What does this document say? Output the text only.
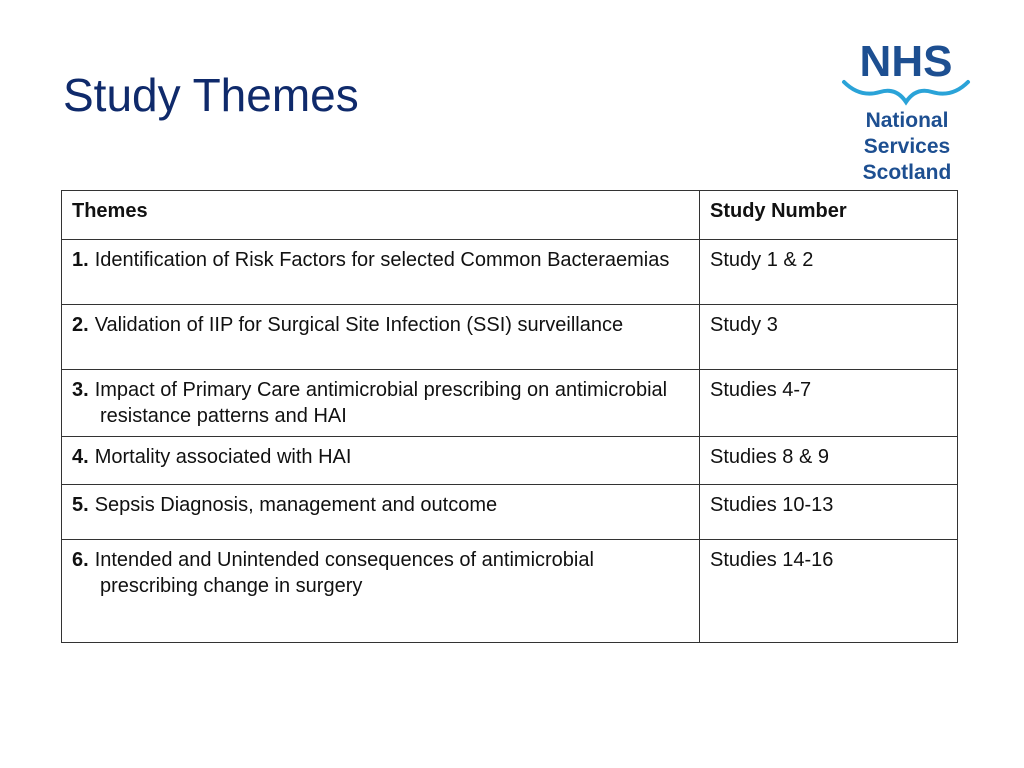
Study Themes
NHS
National
Services
Scotland
Themes	Study Number
1. Identification of Risk Factors for selected Common Bacteraemias	Study 1 & 2
2. Validation of IIP for Surgical Site Infection (SSI) surveillance	Study 3
3. Impact of Primary Care antimicrobial prescribing on antimicrobial resistance patterns and HAI	Studies 4-7
4. Mortality associated with HAI	Studies 8 & 9
5. Sepsis Diagnosis, management and outcome	Studies 10-13
6. Intended and Unintended consequences of antimicrobial prescribing change in surgery	Studies 14-16
